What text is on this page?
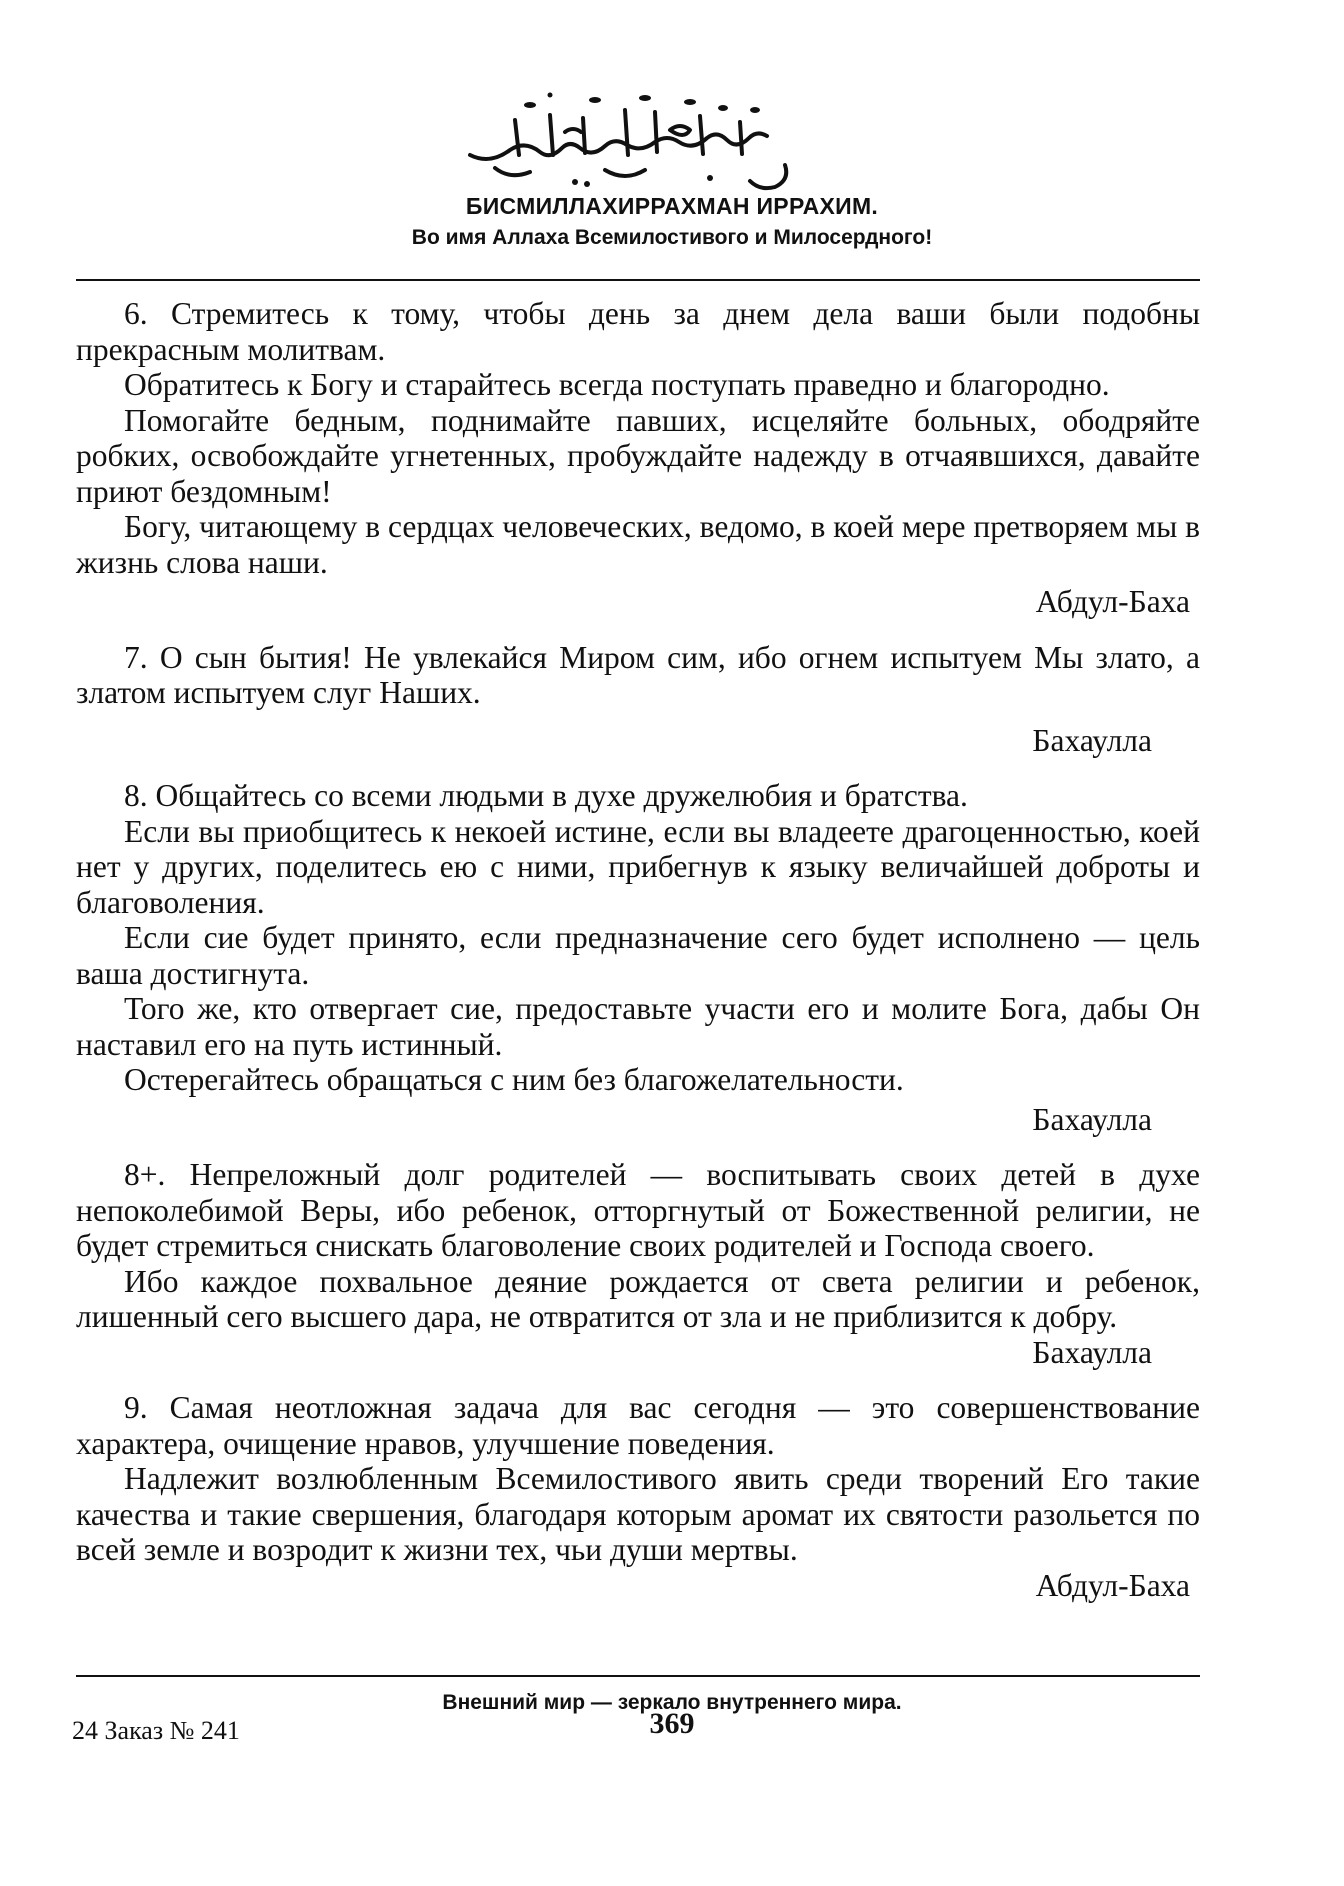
БИСМИЛЛАХИРРАХМАН ИРРАХИМ.
Во имя Аллаха Всемилостивого и Милосердного!

6. Стремитесь к тому, чтобы день за днем дела ваши были подобны прекрасным молитвам.

Обратитесь к Богу и старайтесь всегда поступать праведно и благородно.

Помогайте бедным, поднимайте павших, исцеляйте больных, ободряйте робких, освобождайте угнетенных, пробуждайте надежду в отчаявшихся, давайте приют бездомным!

Богу, читающему в сердцах человеческих, ведомо, в коей мере претворяем мы в жизнь слова наши.

Абдул-Баха

7. О сын бытия! Не увлекайся Миром сим, ибо огнем испытуем Мы злато, а златом испытуем слуг Наших.

Бахаулла

8. Общайтесь со всеми людьми в духе дружелюбия и братства.

Если вы приобщитесь к некоей истине, если вы владеете драгоценностью, коей нет у других, поделитесь ею с ними, прибегнув к языку величайшей доброты и благоволения.

Если сие будет принято, если предназначение сего будет исполнено — цель ваша достигнута.

Того же, кто отвергает сие, предоставьте участи его и молите Бога, дабы Он наставил его на путь истинный.

Остерегайтесь обращаться с ним без благожелательности.

Бахаулла

8+. Непреложный долг родителей — воспитывать своих детей в духе непоколебимой Веры, ибо ребенок, отторгнутый от Божественной религии, не будет стремиться снискать благоволение своих родителей и Господа своего.

Ибо каждое похвальное деяние рождается от света религии и ребенок, лишенный сего высшего дара, не отвратится от зла и не приблизится к добру.

Бахаулла

9. Самая неотложная задача для вас сегодня — это совершенствование характера, очищение нравов, улучшение поведения.

Надлежит возлюбленным Всемилостивого явить среди творений Его такие качества и такие свершения, благодаря которым аромат их святости разольется по всей земле и возродит к жизни тех, чьи души мертвы.

Абдул-Баха
Внешний мир — зеркало внутреннего мира.
24 Заказ № 241	369
